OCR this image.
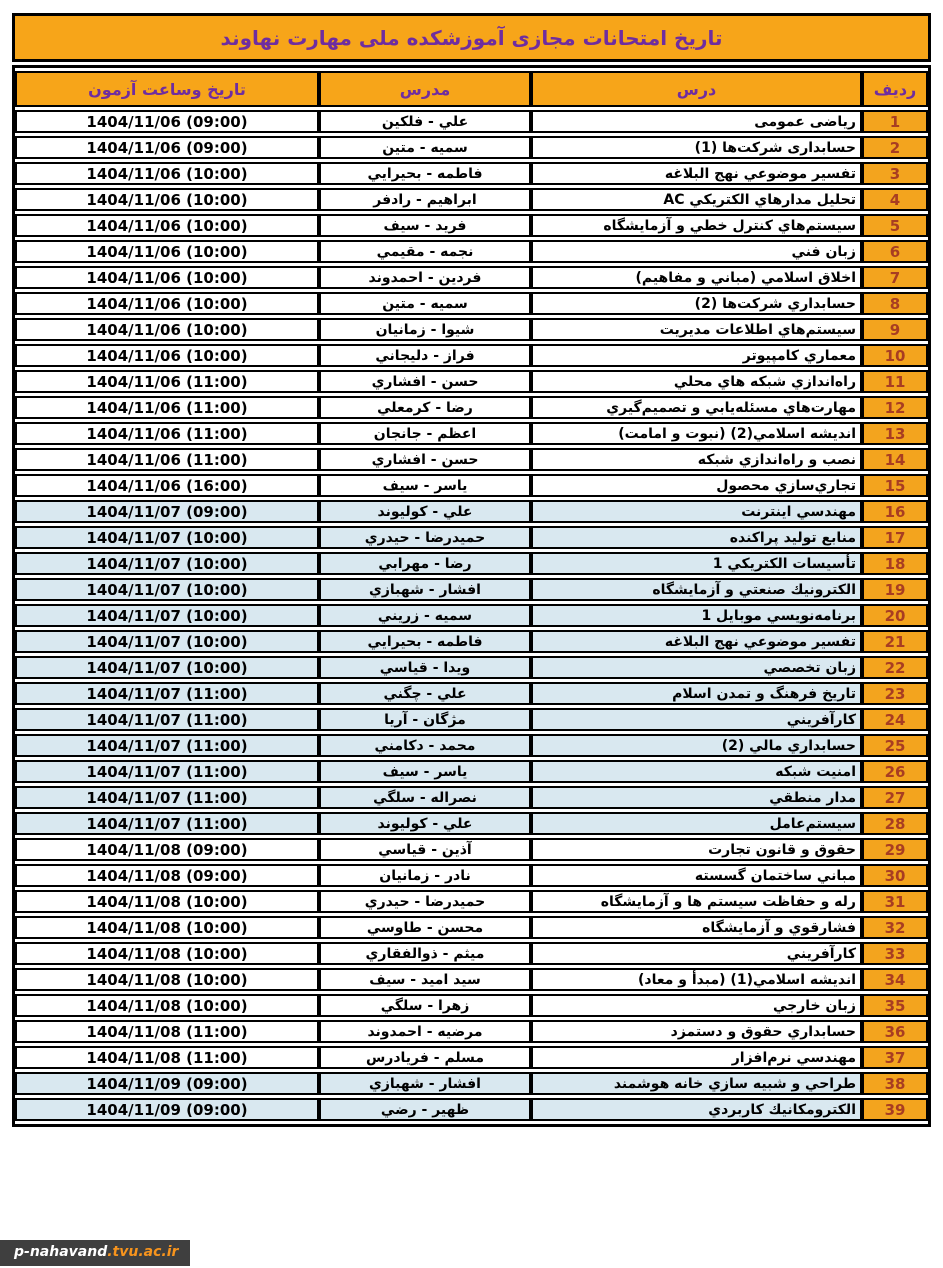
تاریخ امتحانات مجازی آموزشکده ملی مهارت نهاوند
ردیف	درس	مدرس	تاریخ وساعت آزمون
1	ریاضی عمومی	علي - فلکین	1404/11/06 (09:00)
2	حسابداری شرکت‌ها (1)	سمیه - متین	1404/11/06 (09:00)
3	تفسیر موضوعي نهج البلاغه	فاطمه - بحیرایي	1404/11/06 (10:00)
4	تحلیل مدارهاي الکتریکي AC	ابراهیم - رادفر	1404/11/06 (10:00)
5	سیستم‌هاي کنترل خطي و آزمایشگاه	فرید - سیف	1404/11/06 (10:00)
6	زبان فني	نجمه - مقیمي	1404/11/06 (10:00)
7	اخلاق اسلامي (مباني و مفاهیم)	فردین - احمدوند	1404/11/06 (10:00)
8	حسابداري شرکت‌ها (2)	سمیه - متین	1404/11/06 (10:00)
9	سیستم‌هاي اطلاعات مدیریت	شیوا - زمانیان	1404/11/06 (10:00)
10	معماري کامپیوتر	فراز - دلیجاني	1404/11/06 (10:00)
11	راه‌اندازي شبکه هاي محلي	حسن - افشاري	1404/11/06 (11:00)
12	مهارت‌هاي مسئله‌یابي و تصمیم‌گیري	رضا - کرمعلي	1404/11/06 (11:00)
13	اندیشه اسلامي(2) (نبوت و امامت)	اعظم - جانجان	1404/11/06 (11:00)
14	نصب و راه‌اندازي شبکه	حسن - افشاري	1404/11/06 (11:00)
15	تجاري‌سازي محصول	یاسر - سیف	1404/11/06 (16:00)
16	مهندسي اینترنت	علي - کولیوند	1404/11/07 (09:00)
17	منابع تولید پراکنده	حمیدرضا - حیدري	1404/11/07 (10:00)
18	تأسیسات الکتریکي 1	رضا - مهرابي	1404/11/07 (10:00)
19	الکترونیك صنعتي و آزمایشگاه	افشار - شهبازي	1404/11/07 (10:00)
20	برنامه‌نویسي موبایل 1	سمیه - زریني	1404/11/07 (10:00)
21	تفسیر موضوعي نهج البلاغه	فاطمه - بحیرایي	1404/11/07 (10:00)
22	زبان تخصصي	ویدا - قیاسي	1404/11/07 (10:00)
23	تاریخ فرهنگ و تمدن اسلام	علي - چگني	1404/11/07 (11:00)
24	کارآفریني	مژگان - آریا	1404/11/07 (11:00)
25	حسابداري مالي (2)	محمد - دکامني	1404/11/07 (11:00)
26	امنیت شبکه	یاسر - سیف	1404/11/07 (11:00)
27	مدار منطقي	نصراله - سلگي	1404/11/07 (11:00)
28	سیستم‌عامل	علي - کولیوند	1404/11/07 (11:00)
29	حقوق و قانون تجارت	آذین - قیاسي	1404/11/08 (09:00)
30	مباني ساختمان گسسته	نادر - زمانیان	1404/11/08 (09:00)
31	رله و حفاظت سیستم ها و آزمایشگاه	حمیدرضا - حیدري	1404/11/08 (10:00)
32	فشارقوي و آزمایشگاه	محسن - طاوسي	1404/11/08 (10:00)
33	کارآفریني	میثم - ذوالفقاري	1404/11/08 (10:00)
34	اندیشه اسلامي(1) (مبدأ و معاد)	سید امید - سیف	1404/11/08 (10:00)
35	زبان خارجي	زهرا - سلگي	1404/11/08 (10:00)
36	حسابداري حقوق و دستمزد	مرضیه - احمدوند	1404/11/08 (11:00)
37	مهندسي نرم‌افزار	مسلم - فریادرس	1404/11/08 (11:00)
38	طراحي و شبیه سازي خانه هوشمند	افشار - شهبازي	1404/11/09 (09:00)
39	الکترومکانیك کاربردي	ظهیر - رضي	1404/11/09 (09:00)
p-nahavand.tvu.ac.ir
